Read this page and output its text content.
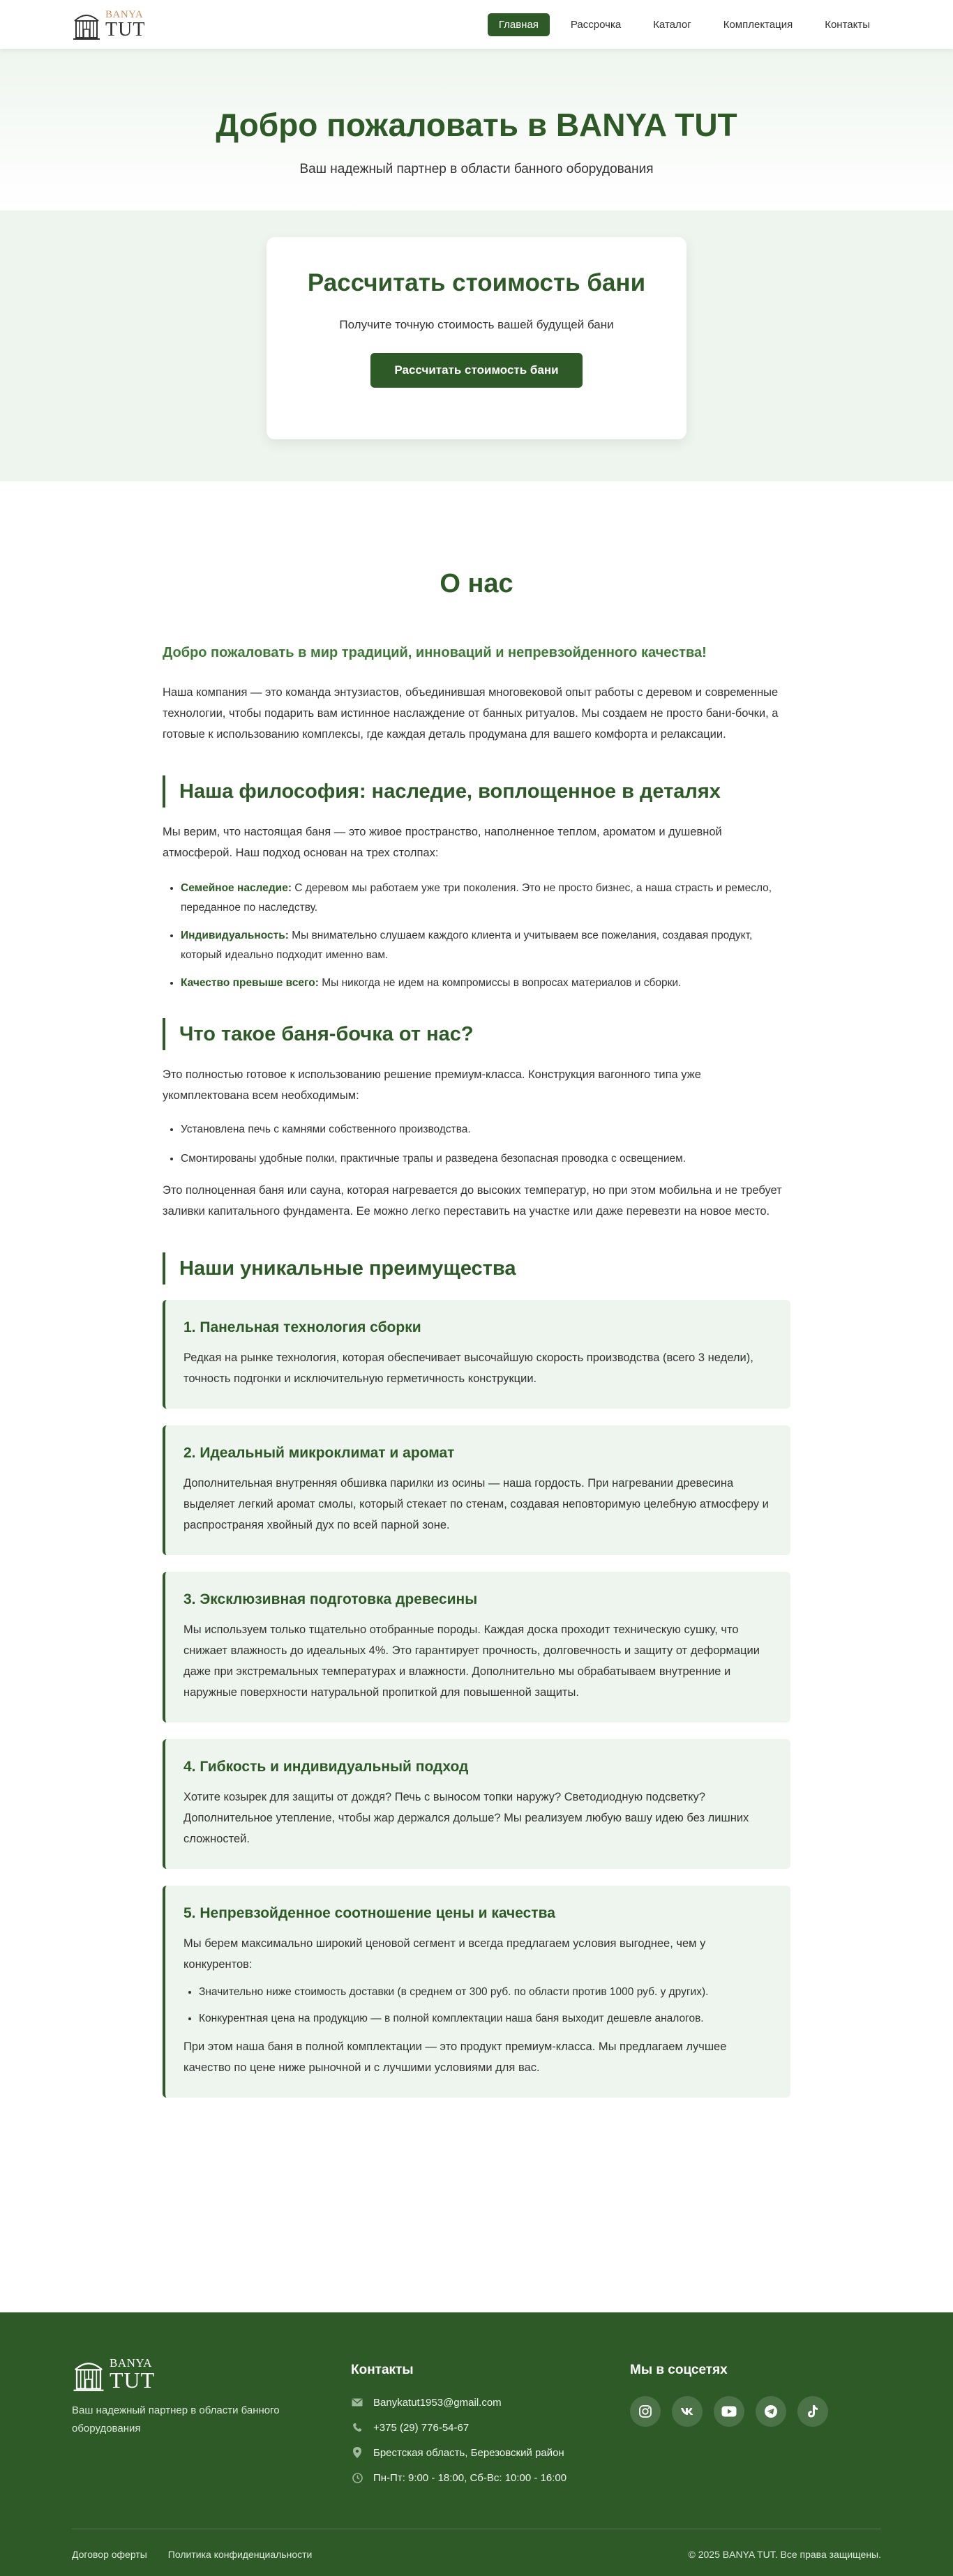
BANYA
TUT	Главная	Рассрочка	Каталог	Комплектация	Контакты
Добро пожаловать в BANYA TUT

Ваш надежный партнер в области банного оборудования

Рассчитать стоимость бани

Получите точную стоимость вашей будущей бани

Рассчитать стоимость бани
О нас
Добро пожаловать в мир традиций, инноваций и непревзойденного качества!

Наша компания — это команда энтузиастов, объединившая многовековой опыт работы с деревом и современные технологии, чтобы подарить вам истинное наслаждение от банных ритуалов. Мы создаем не просто бани-бочки, а готовые к использованию комплексы, где каждая деталь продумана для вашего комфорта и релаксации.

Наша философия: наследие, воплощенное в деталях

Мы верим, что настоящая баня — это живое пространство, наполненное теплом, ароматом и душевной атмосферой. Наш подход основан на трех столпах:

• Семейное наследие: С деревом мы работаем уже три поколения. Это не просто бизнес, а наша страсть и ремесло, переданное по наследству.
• Индивидуальность: Мы внимательно слушаем каждого клиента и учитываем все пожелания, создавая продукт, который идеально подходит именно вам.
• Качество превыше всего: Мы никогда не идем на компромиссы в вопросах материалов и сборки.
Что такое баня-бочка от нас?

Это полностью готовое к использованию решение премиум-класса. Конструкция вагонного типа уже укомплектована всем необходимым:

• Установлена печь с камнями собственного производства.
• Смонтированы удобные полки, практичные трапы и разведена безопасная проводка с освещением.

Это полноценная баня или сауна, которая нагревается до высоких температур, но при этом мобильна и не требует заливки капитального фундамента. Ее можно легко переставить на участке или даже перевезти на новое место.

Наши уникальные преимущества
1. Панельная технология сборки

Редкая на рынке технология, которая обеспечивает высочайшую скорость производства (всего 3 недели), точность подгонки и исключительную герметичность конструкции.

2. Идеальный микроклимат и аромат

Дополнительная внутренняя обшивка парилки из осины — наша гордость. При нагревании древесина выделяет легкий аромат смолы, который стекает по стенам, создавая неповторимую целебную атмосферу и распространяя хвойный дух по всей парной зоне.

3. Эксклюзивная подготовка древесины

Мы используем только тщательно отобранные породы. Каждая доска проходит техническую сушку, что снижает влажность до идеальных 4%. Это гарантирует прочность, долговечность и защиту от деформации даже при экстремальных температурах и влажности. Дополнительно мы обрабатываем внутренние и наружные поверхности натуральной пропиткой для повышенной защиты.

4. Гибкость и индивидуальный подход

Хотите козырек для защиты от дождя? Печь с выносом топки наружу? Светодиодную подсветку? Дополнительное утепление, чтобы жар держался дольше? Мы реализуем любую вашу идею без лишних сложностей.

5. Непревзойденное соотношение цены и качества

Мы берем максимально широкий ценовой сегмент и всегда предлагаем условия выгоднее, чем у конкурентов:

• Значительно ниже стоимость доставки (в среднем от 300 руб. по области против 1000 руб. у других).
• Конкурентная цена на продукцию — в полной комплектации наша баня выходит дешевле аналогов.

При этом наша баня в полной комплектации — это продукт премиум-класса. Мы предлагаем лучшее качество по цене ниже рыночной и с лучшими условиями для вас.

BANYA
TUT

Ваш надежный партнер в области банного оборудования

Контакты
Banykatut1953@gmail.com
+375 (29) 776-54-67
Брестская область, Березовский район
Пн-Пт: 9:00 - 18:00, Сб-Вс: 10:00 - 16:00
Мы в соцсетях
Договор оферты Политика конфиденциальности	© 2025 BANYA TUT. Все права защищены.
